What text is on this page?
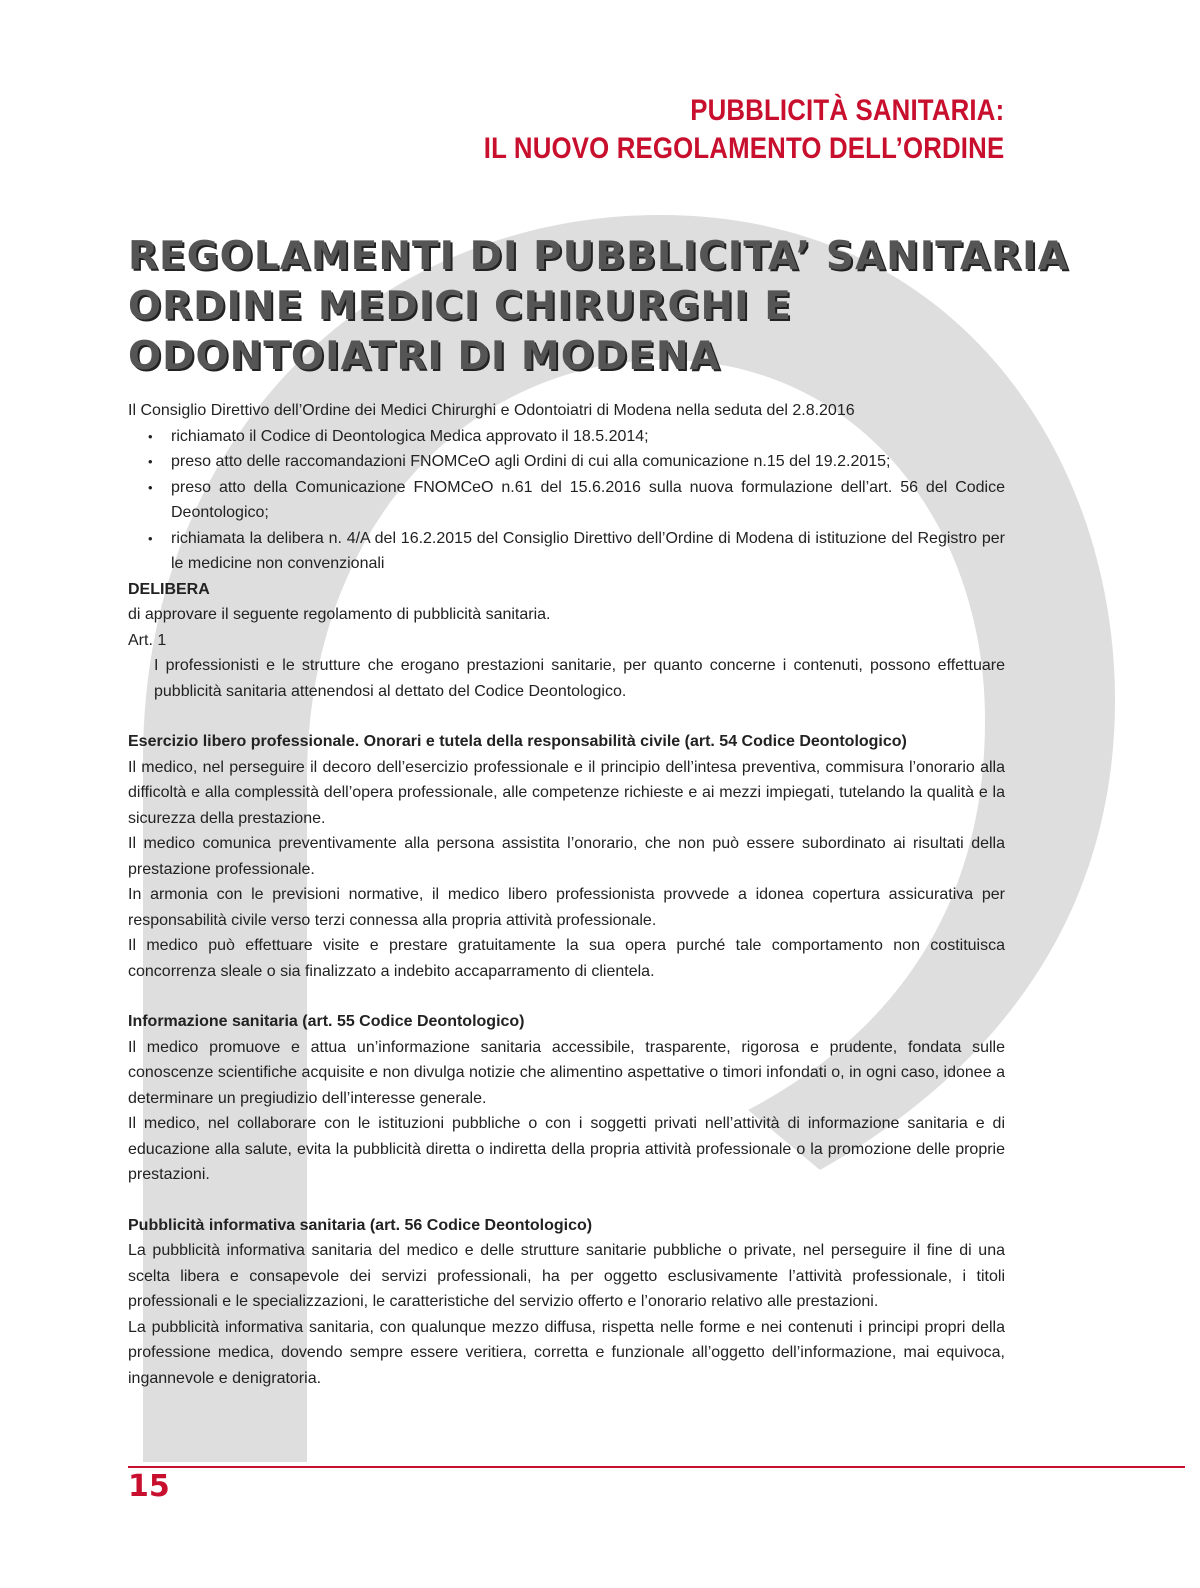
PUBBLICITÀ SANITARIA:
IL NUOVO REGOLAMENTO DELL’ORDINE
REGOLAMENTI DI PUBBLICITA’ SANITARIA
ORDINE MEDICI CHIRURGHI E
ODONTOIATRI DI MODENA

Il Consiglio Direttivo dell’Ordine dei Medici Chirurghi e Odontoiatri di Modena nella seduta del 2.8.2016

• richiamato il Codice di Deontologica Medica approvato il 18.5.2014;
• preso atto delle raccomandazioni FNOMCeO agli Ordini di cui alla comunicazione n.15 del 19.2.2015;
• preso atto della Comunicazione FNOMCeO n.61 del 15.6.2016 sulla nuova formulazione dell’art. 56 del Codice Deontologico;
• richiamata la delibera n. 4/A del 16.2.2015 del Consiglio Direttivo dell’Ordine di Modena di istituzione del Registro per le medicine non convenzionali

DELIBERA

di approvare il seguente regolamento di pubblicità sanitaria.

Art. 1

I professionisti e le strutture che erogano prestazioni sanitarie, per quanto concerne i contenuti, possono effettuare pubblicità sanitaria attenendosi al dettato del Codice Deontologico.

Esercizio libero professionale. Onorari e tutela della responsabilità civile (art. 54 Codice Deontologico)

Il medico, nel perseguire il decoro dell’esercizio professionale e il principio dell’intesa preventiva, commisura l’onorario alla difficoltà e alla complessità dell’opera professionale, alle competenze richieste e ai mezzi impiegati, tutelando la qualità e la sicurezza della prestazione.

Il medico comunica preventivamente alla persona assistita l’onorario, che non può essere subordinato ai risultati della prestazione professionale.

In armonia con le previsioni normative, il medico libero professionista provvede a idonea copertura assicurativa per responsabilità civile verso terzi connessa alla propria attività professionale.

Il medico può effettuare visite e prestare gratuitamente la sua opera purché tale comportamento non costituisca concorrenza sleale o sia finalizzato a indebito accaparramento di clientela.

Informazione sanitaria (art. 55 Codice Deontologico)

Il medico promuove e attua un’informazione sanitaria accessibile, trasparente, rigorosa e prudente, fondata sulle conoscenze scientifiche acquisite e non divulga notizie che alimentino aspettative o timori infondati o, in ogni caso, idonee a determinare un pregiudizio dell’interesse generale.

Il medico, nel collaborare con le istituzioni pubbliche o con i soggetti privati nell’attività di informazione sanitaria e di educazione alla salute, evita la pubblicità diretta o indiretta della propria attività professionale o la promozione delle proprie prestazioni.

Pubblicità informativa sanitaria (art. 56 Codice Deontologico)

La pubblicità informativa sanitaria del medico e delle strutture sanitarie pubbliche o private, nel perseguire il fine di una scelta libera e consapevole dei servizi professionali, ha per oggetto esclusivamente l’attività professionale, i titoli professionali e le specializzazioni, le caratteristiche del servizio offerto e l’onorario relativo alle prestazioni.

La pubblicità informativa sanitaria, con qualunque mezzo diffusa, rispetta nelle forme e nei contenuti i principi propri della professione medica, dovendo sempre essere veritiera, corretta e funzionale all’oggetto dell’informazione, mai equivoca, ingannevole e denigratoria.

15
